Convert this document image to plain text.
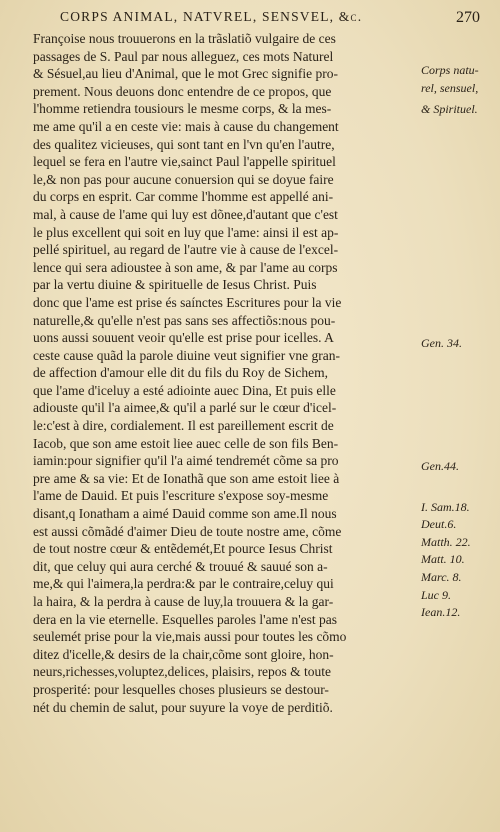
CORPS ANIMAL, NATVREL, SENSVEL, &c.	270
Françoise nous trouuerons en la trãslatiõ vulgaire de ces
passages de S. Paul par nous alleguez, ces mots Naturel
& Sésuel,au lieu d'Animal, que le mot Grec signifie pro-
prement. Nous deuons donc entendre de ce propos, que
l'homme retiendra tousiours le mesme corps, & la mes-
me ame qu'il a en ceste vie: mais à cause du changement
des qualitez vicieuses, qui sont tant en l'vn qu'en l'autre,
lequel se fera en l'autre vie,sainct Paul l'appelle spirituel
le,& non pas pour aucune conuersion qui se doyue faire
du corps en esprit. Car comme l'homme est appellé ani-
mal, à cause de l'ame qui luy est dõnee,d'autant que c'est
le plus excellent qui soit en luy que l'ame: ainsi il est ap-
pellé spirituel, au regard de l'autre vie à cause de l'excel-
lence qui sera adioustee à son ame, & par l'ame au corps
par la vertu diuine & spirituelle de Iesus Christ. Puis
donc que l'ame est prise és saínctes Escritures pour la vie
naturelle,& qu'elle n'est pas sans ses affectiõs:nous pou-
uons aussi souuent veoir qu'elle est prise pour icelles. A
ceste cause quãd la parole diuine veut signifier vne gran-
de affection d'amour elle dit du fils du Roy de Sichem,
que l'ame d'iceluy a esté adiointe auec Dina, Et puis elle
adiouste qu'il l'a aimee,& qu'il a parlé sur le cœur d'icel-
le:c'est à dire, cordialement. Il est pareillement escrit de
Iacob, que son ame estoit liee auec celle de son fils Ben-
iamin:pour signifier qu'il l'a aimé tendremét cõme sa pro
pre ame & sa vie: Et de Ionathã que son ame estoit liee à
l'ame de Dauid. Et puis l'escriture s'expose soy-mesme
disant,q Ionatham a aimé Dauid comme son ame.Il nous
est aussi cõmãdé d'aimer Dieu de toute nostre ame, cõme
de tout nostre cœur & entẽdemét,Et pource Iesus Christ
dit, que celuy qui aura cerché & trouué & sauué son a-
me,& qui l'aimera,la perdra:& par le contraire,celuy qui
la haira, & la perdra à cause de luy,la trouuera & la gar-
dera en la vie eternelle. Esquelles paroles l'ame n'est pas
seulemét prise pour la vie,mais aussi pour toutes les cõmo
ditez d'icelle,& desirs de la chair,cõme sont gloire, hon-
neurs,richesses,voluptez,delices, plaisirs, repos & toute
prosperité: pour lesquelles choses plusieurs se destour-
nét du chemin de salut, pour suyure la voye de perditiõ.
Corps natu-
rel, sensuel,
& Spirituel.
Gen. 34.
Gen.44.
I. Sam.18.
Deut.6.
Matth. 22.
Matt. 10.
Marc. 8.
Luc 9.
Iean.12.
